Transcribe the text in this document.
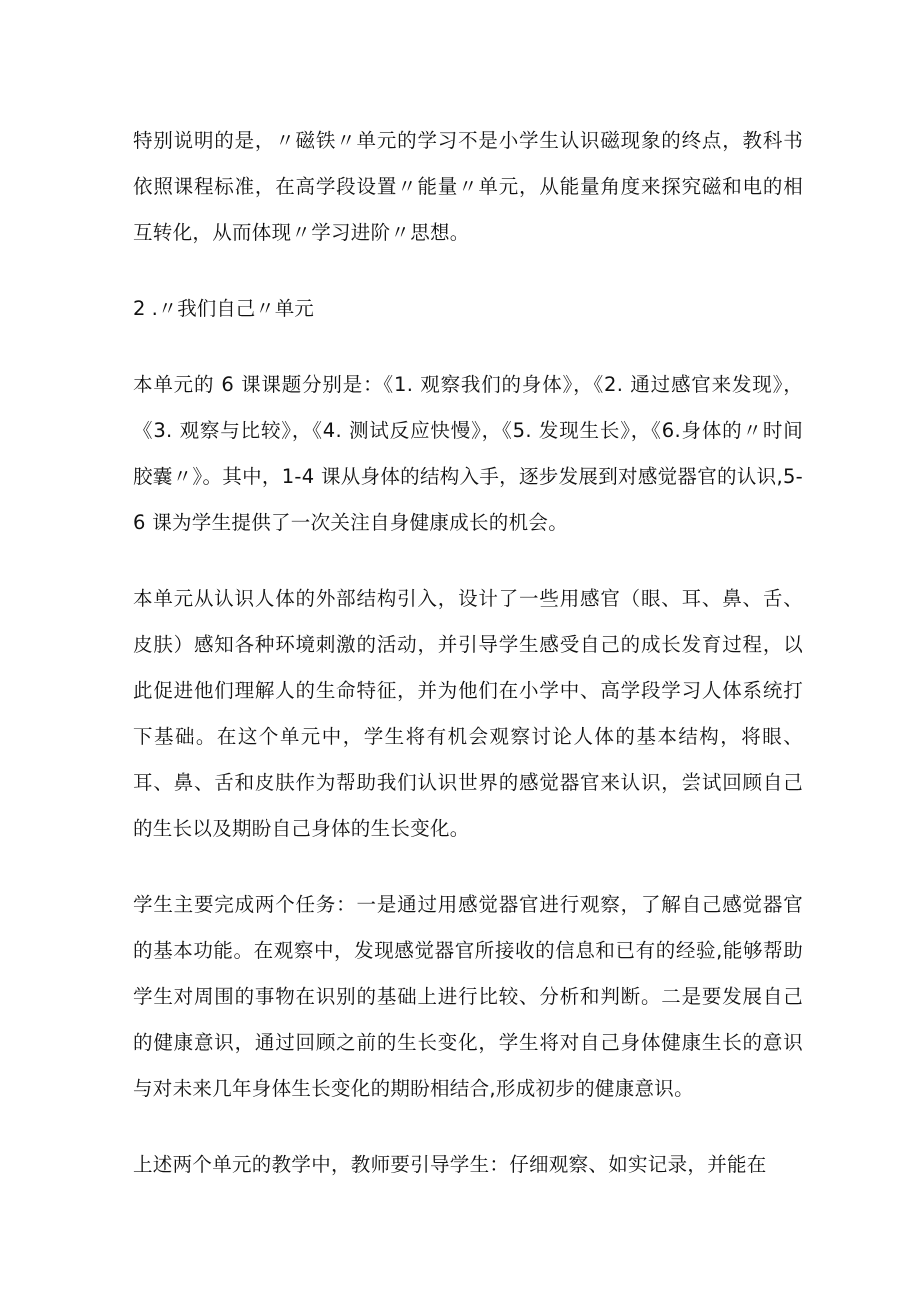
特别说明的是，〃磁铁〃单元的学习不是小学生认识磁现象的终点，教科书依照课程标准，在高学段设置〃能量〃单元，从能量角度来探究磁和电的相互转化，从而体现〃学习进阶〃思想。

2 .〃我们自己〃单元

本单元的 6 课课题分别是：《1. 观察我们的身体》，《2. 通过感官来发现》，《3. 观察与比较》，《4. 测试反应快慢》，《5. 发现生长》，《6.身体的〃时间胶囊〃》。其中，1-4 课从身体的结构入手，逐步发展到对感觉器官的认识,5-6 课为学生提供了一次关注自身健康成长的机会。

本单元从认识人体的外部结构引入，设计了一些用感官（眼、耳、鼻、舌、皮肤）感知各种环境刺激的活动，并引导学生感受自己的成长发育过程，以此促进他们理解人的生命特征，并为他们在小学中、高学段学习人体系统打下基础。在这个单元中，学生将有机会观察讨论人体的基本结构，将眼、耳、鼻、舌和皮肤作为帮助我们认识世界的感觉器官来认识，尝试回顾自己的生长以及期盼自己身体的生长变化。

学生主要完成两个任务：一是通过用感觉器官进行观察，了解自己感觉器官的基本功能。在观察中，发现感觉器官所接收的信息和已有的经验,能够帮助学生对周围的事物在识别的基础上进行比较、分析和判断。二是要发展自己的健康意识，通过回顾之前的生长变化，学生将对自己身体健康生长的意识与对未来几年身体生长变化的期盼相结合,形成初步的健康意识。

上述两个单元的教学中，教师要引导学生：仔细观察、如实记录，并能在
